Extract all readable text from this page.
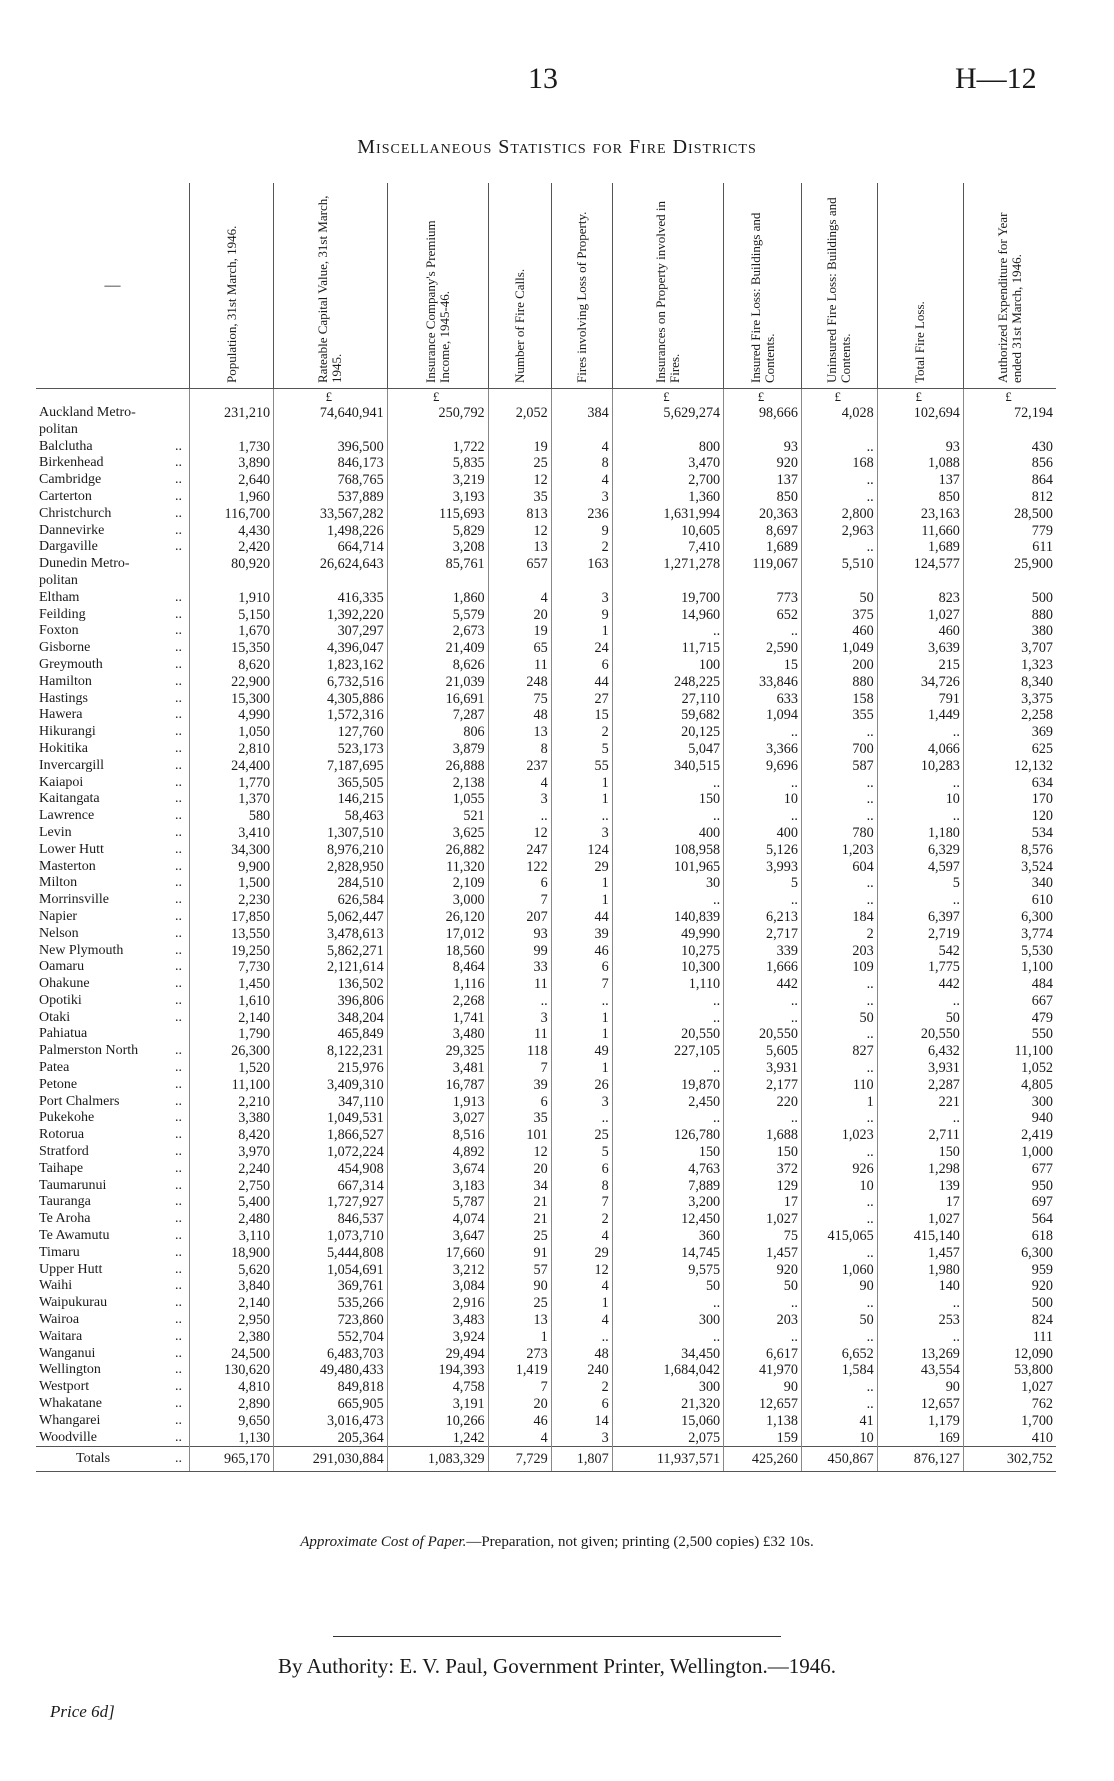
13	H—12
Miscellaneous Statistics for Fire Districts
—	Population, 31st March, 1946.	Rateable Capital Value, 31st March, 1945.	Insurance Company's Premium Income, 1945-46.	Number of Fire Calls.	Fires involving Loss of Property.	Insurances on Property involved in Fires.	Insured Fire Loss: Buildings and Contents.	Uninsured Fire Loss: Buildings and Contents.	Total Fire Loss.	Authorized Expenditure for Year ended 31st March, 1946.

		£	£			£	£	£	£	£
Auckland Metro-	231,210	74,640,941	250,792	2,052	384	5,629,274	98,666	4,028	102,694	72,194
politan										
Balclutha ..	1,730	396,500	1,722	19	4	800	93	..	93	430
Birkenhead ..	3,890	846,173	5,835	25	8	3,470	920	168	1,088	856
Cambridge ..	2,640	768,765	3,219	12	4	2,700	137	..	137	864
Carterton ..	1,960	537,889	3,193	35	3	1,360	850	..	850	812
Christchurch ..	116,700	33,567,282	115,693	813	236	1,631,994	20,363	2,800	23,163	28,500
Dannevirke ..	4,430	1,498,226	5,829	12	9	10,605	8,697	2,963	11,660	779
Dargaville ..	2,420	664,714	3,208	13	2	7,410	1,689	..	1,689	611
Dunedin Metro-	80,920	26,624,643	85,761	657	163	1,271,278	119,067	5,510	124,577	25,900
politan										
Eltham ..	1,910	416,335	1,860	4	3	19,700	773	50	823	500
Feilding ..	5,150	1,392,220	5,579	20	9	14,960	652	375	1,027	880
Foxton ..	1,670	307,297	2,673	19	1	..	..	460	460	380
Gisborne ..	15,350	4,396,047	21,409	65	24	11,715	2,590	1,049	3,639	3,707
Greymouth ..	8,620	1,823,162	8,626	11	6	100	15	200	215	1,323
Hamilton ..	22,900	6,732,516	21,039	248	44	248,225	33,846	880	34,726	8,340
Hastings ..	15,300	4,305,886	16,691	75	27	27,110	633	158	791	3,375
Hawera ..	4,990	1,572,316	7,287	48	15	59,682	1,094	355	1,449	2,258
Hikurangi ..	1,050	127,760	806	13	2	20,125	..	..	..	369
Hokitika ..	2,810	523,173	3,879	8	5	5,047	3,366	700	4,066	625
Invercargill ..	24,400	7,187,695	26,888	237	55	340,515	9,696	587	10,283	12,132
Kaiapoi ..	1,770	365,505	2,138	4	1	..	..	..	..	634
Kaitangata ..	1,370	146,215	1,055	3	1	150	10	..	10	170
Lawrence ..	580	58,463	521	..	..	..	..	..	..	120
Levin ..	3,410	1,307,510	3,625	12	3	400	400	780	1,180	534
Lower Hutt ..	34,300	8,976,210	26,882	247	124	108,958	5,126	1,203	6,329	8,576
Masterton ..	9,900	2,828,950	11,320	122	29	101,965	3,993	604	4,597	3,524
Milton ..	1,500	284,510	2,109	6	1	30	5	..	5	340
Morrinsville ..	2,230	626,584	3,000	7	1	..	..	..	..	610
Napier ..	17,850	5,062,447	26,120	207	44	140,839	6,213	184	6,397	6,300
Nelson ..	13,550	3,478,613	17,012	93	39	49,990	2,717	2	2,719	3,774
New Plymouth ..	19,250	5,862,271	18,560	99	46	10,275	339	203	542	5,530
Oamaru ..	7,730	2,121,614	8,464	33	6	10,300	1,666	109	1,775	1,100
Ohakune ..	1,450	136,502	1,116	11	7	1,110	442	..	442	484
Opotiki ..	1,610	396,806	2,268	..	..	..	..	..	..	667
Otaki ..	2,140	348,204	1,741	3	1	..	..	50	50	479
Pahiatua	1,790	465,849	3,480	11	1	20,550	20,550	..	20,550	550
Palmerston North ..	26,300	8,122,231	29,325	118	49	227,105	5,605	827	6,432	11,100
Patea ..	1,520	215,976	3,481	7	1	..	3,931	..	3,931	1,052
Petone ..	11,100	3,409,310	16,787	39	26	19,870	2,177	110	2,287	4,805
Port Chalmers ..	2,210	347,110	1,913	6	3	2,450	220	1	221	300
Pukekohe ..	3,380	1,049,531	3,027	35	..	..	..	..	..	940
Rotorua ..	8,420	1,866,527	8,516	101	25	126,780	1,688	1,023	2,711	2,419
Stratford ..	3,970	1,072,224	4,892	12	5	150	150	..	150	1,000
Taihape ..	2,240	454,908	3,674	20	6	4,763	372	926	1,298	677
Taumarunui ..	2,750	667,314	3,183	34	8	7,889	129	10	139	950
Tauranga ..	5,400	1,727,927	5,787	21	7	3,200	17	..	17	697
Te Aroha ..	2,480	846,537	4,074	21	2	12,450	1,027	..	1,027	564
Te Awamutu ..	3,110	1,073,710	3,647	25	4	360	75	415,065	415,140	618
Timaru ..	18,900	5,444,808	17,660	91	29	14,745	1,457	..	1,457	6,300
Upper Hutt ..	5,620	1,054,691	3,212	57	12	9,575	920	1,060	1,980	959
Waihi ..	3,840	369,761	3,084	90	4	50	50	90	140	920
Waipukurau ..	2,140	535,266	2,916	25	1	..	..	..	..	500
Wairoa ..	2,950	723,860	3,483	13	4	300	203	50	253	824
Waitara ..	2,380	552,704	3,924	1	..	..	..	..	..	111
Wanganui ..	24,500	6,483,703	29,494	273	48	34,450	6,617	6,652	13,269	12,090
Wellington ..	130,620	49,480,433	194,393	1,419	240	1,684,042	41,970	1,584	43,554	53,800
Westport ..	4,810	849,818	4,758	7	2	300	90	..	90	1,027
Whakatane ..	2,890	665,905	3,191	20	6	21,320	12,657	..	12,657	762
Whangarei ..	9,650	3,016,473	10,266	46	14	15,060	1,138	41	1,179	1,700
Woodville ..	1,130	205,364	1,242	4	3	2,075	159	10	169	410
Totals ..	965,170	291,030,884	1,083,329	7,729	1,807	11,937,571	425,260	450,867	876,127	302,752
Approximate Cost of Paper.—Preparation, not given; printing (2,500 copies) £32 10s.
By Authority: E. V. Paul, Government Printer, Wellington.—1946.
Price 6d]
